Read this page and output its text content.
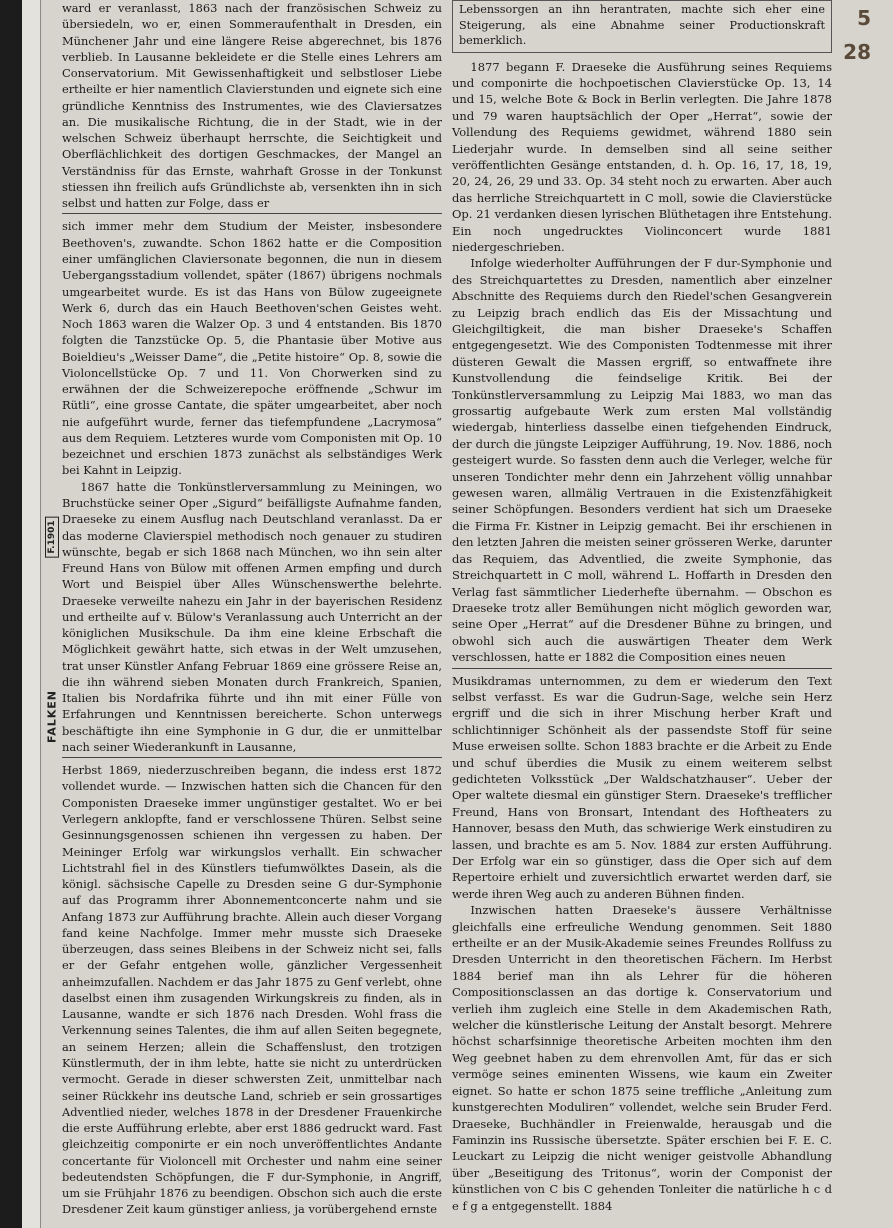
F.1901
FALKEN
5
28

ward er veranlasst, 1863 nach der französischen Schweiz zu übersiedeln, wo er, einen Sommeraufenthalt in Dresden, ein Münchener Jahr und eine längere Reise abgerechnet, bis 1876 verblieb. In Lausanne bekleidete er die Stelle eines Lehrers am Conservatorium. Mit Gewissenhaftigkeit und selbstloser Liebe ertheilte er hier namentlich Clavierstunden und eignete sich eine gründliche Kenntniss des Instrumentes, wie des Claviersatzes an. Die musikalische Richtung, die in der Stadt, wie in der welschen Schweiz überhaupt herrschte, die Seichtigkeit und Oberflächlichkeit des dortigen Geschmackes, der Mangel an Verständniss für das Ernste, wahrhaft Grosse in der Tonkunst stiessen ihn freilich aufs Gründlichste ab, versenkten ihn in sich selbst und hatten zur Folge, dass er

sich immer mehr dem Studium der Meister, insbesondere Beethoven's, zuwandte. Schon 1862 hatte er die Composition einer umfänglichen Claviersonate begonnen, die nun in diesem Uebergangsstadium vollendet, später (1867) übrigens nochmals umgearbeitet wurde. Es ist das Hans von Bülow zugeeignete Werk 6, durch das ein Hauch Beethoven'schen Geistes weht. Noch 1863 waren die Walzer Op. 3 und 4 entstanden. Bis 1870 folgten die Tanzstücke Op. 5, die Phantasie über Motive aus Boieldieu's „Weisser Dame“, die „Petite histoire“ Op. 8, sowie die Violoncellstücke Op. 7 und 11. Von Chorwerken sind zu erwähnen der die Schweizerepoche eröffnende „Schwur im Rütli“, eine grosse Cantate, die später umgearbeitet, aber noch nie aufgeführt wurde, ferner das tiefempfundene „Lacrymosa“ aus dem Requiem. Letzteres wurde vom Componisten mit Op. 10 bezeichnet und erschien 1873 zunächst als selbständiges Werk bei Kahnt in Leipzig.

1867 hatte die Tonkünstlerversammlung zu Meiningen, wo Bruchstücke seiner Oper „Sigurd“ beifälligste Aufnahme fanden, Draeseke zu einem Ausflug nach Deutschland veranlasst. Da er das moderne Clavierspiel methodisch noch genauer zu studiren wünschte, begab er sich 1868 nach München, wo ihn sein alter Freund Hans von Bülow mit offenen Armen empfing und durch Wort und Beispiel über Alles Wünschenswerthe belehrte. Draeseke verweilte nahezu ein Jahr in der bayerischen Residenz und ertheilte auf v. Bülow's Veranlassung auch Unterricht an der königlichen Musikschule. Da ihm eine kleine Erbschaft die Möglichkeit gewährt hatte, sich etwas in der Welt umzusehen, trat unser Künstler Anfang Februar 1869 eine grössere Reise an, die ihn während sieben Monaten durch Frankreich, Spanien, Italien bis Nordafrika führte und ihn mit einer Fülle von Erfahrungen und Kenntnissen bereicherte. Schon unterwegs beschäftigte ihn eine Symphonie in G dur, die er unmittelbar nach seiner Wiederankunft in Lausanne,

Herbst 1869, niederzuschreiben begann, die indess erst 1872 vollendet wurde. — Inzwischen hatten sich die Chancen für den Componisten Draeseke immer ungünstiger gestaltet. Wo er bei Verlegern anklopfte, fand er verschlossene Thüren. Selbst seine Gesinnungsgenossen schienen ihn vergessen zu haben. Der Meininger Erfolg war wirkungslos verhallt. Ein schwacher Lichtstrahl fiel in des Künstlers tiefumwölktes Dasein, als die königl. sächsische Capelle zu Dresden seine G dur-Symphonie auf das Programm ihrer Abonnementconcerte nahm und sie Anfang 1873 zur Aufführung brachte. Allein auch dieser Vorgang fand keine Nachfolge. Immer mehr musste sich Draeseke überzeugen, dass seines Bleibens in der Schweiz nicht sei, falls er der Gefahr entgehen wolle, gänzlicher Vergessenheit anheimzufallen. Nachdem er das Jahr 1875 zu Genf verlebt, ohne daselbst einen ihm zusagenden Wirkungskreis zu finden, als in Lausanne, wandte er sich 1876 nach Dresden. Wohl frass die Verkennung seines Talentes, die ihm auf allen Seiten begegnete, an seinem Herzen; allein die Schaffenslust, den trotzigen Künstlermuth, der in ihm lebte, hatte sie nicht zu unterdrücken vermocht. Gerade in dieser schwersten Zeit, unmittelbar nach seiner Rückkehr ins deutsche Land, schrieb er sein grossartiges Adventlied nieder, welches 1878 in der Dresdener Frauenkirche die erste Aufführung erlebte, aber erst 1886 gedruckt ward. Fast gleichzeitig componirte er ein noch unveröffentlichtes Andante concertante für Violoncell mit Orchester und nahm eine seiner bedeutendsten Schöpfungen, die F dur-Symphonie, in Angriff, um sie Frühjahr 1876 zu beendigen. Obschon sich auch die erste Dresdener Zeit kaum günstiger anliess, ja vorübergehend ernste

Lebenssorgen an ihn herantraten, machte sich eher eine Steigerung, als eine Abnahme seiner Productionskraft bemerklich.

1877 begann F. Draeseke die Ausführung seines Requiems und componirte die hochpoetischen Clavierstücke Op. 13, 14 und 15, welche Bote & Bock in Berlin verlegten. Die Jahre 1878 und 79 waren hauptsächlich der Oper „Herrat“, sowie der Vollendung des Requiems gewidmet, während 1880 sein Liederjahr wurde. In demselben sind all seine seither veröffentlichten Gesänge entstanden, d. h. Op. 16, 17, 18, 19, 20, 24, 26, 29 und 33. Op. 34 steht noch zu erwarten. Aber auch das herrliche Streichquartett in C moll, sowie die Clavierstücke Op. 21 verdanken diesen lyrischen Blüthetagen ihre Entstehung. Ein noch ungedrucktes Violinconcert wurde 1881 niedergeschrieben.

Infolge wiederholter Aufführungen der F dur-Symphonie und des Streichquartettes zu Dresden, namentlich aber einzelner Abschnitte des Requiems durch den Riedel'schen Gesangverein zu Leipzig brach endlich das Eis der Missachtung und Gleichgiltigkeit, die man bisher Draeseke's Schaffen entgegengesetzt. Wie des Componisten Todtenmesse mit ihrer düsteren Gewalt die Massen ergriff, so entwaffnete ihre Kunstvollendung die feindselige Kritik. Bei der Tonkünstlerversammlung zu Leipzig Mai 1883, wo man das grossartig aufgebaute Werk zum ersten Mal vollständig wiedergab, hinterliess dasselbe einen tiefgehenden Eindruck, der durch die jüngste Leipziger Aufführung, 19. Nov. 1886, noch gesteigert wurde. So fassten denn auch die Verleger, welche für unseren Tondichter mehr denn ein Jahrzehent völlig unnahbar gewesen waren, allmälig Vertrauen in die Existenzfähigkeit seiner Schöpfungen. Besonders verdient hat sich um Draeseke die Firma Fr. Kistner in Leipzig gemacht. Bei ihr erschienen in den letzten Jahren die meisten seiner grösseren Werke, darunter das Requiem, das Adventlied, die zweite Symphonie, das Streichquartett in C moll, während L. Hoffarth in Dresden den Verlag fast sämmtlicher Liederhefte übernahm. — Obschon es Draeseke trotz aller Bemühungen nicht möglich geworden war, seine Oper „Herrat“ auf die Dresdener Bühne zu bringen, und obwohl sich auch die auswärtigen Theater dem Werk verschlossen, hatte er 1882 die Composition eines neuen

Musikdramas unternommen, zu dem er wiederum den Text selbst verfasst. Es war die Gudrun-Sage, welche sein Herz ergriff und die sich in ihrer Mischung herber Kraft und schlichtinniger Schönheit als der passendste Stoff für seine Muse erweisen sollte. Schon 1883 brachte er die Arbeit zu Ende und schuf überdies die Musik zu einem weiterem selbst gedichteten Volksstück „Der Waldschatzhauser“. Ueber der Oper waltete diesmal ein günstiger Stern. Draeseke's trefflicher Freund, Hans von Bronsart, Intendant des Hoftheaters zu Hannover, besass den Muth, das schwierige Werk einstudiren zu lassen, und brachte es am 5. Nov. 1884 zur ersten Aufführung. Der Erfolg war ein so günstiger, dass die Oper sich auf dem Repertoire erhielt und zuversichtlich erwartet werden darf, sie werde ihren Weg auch zu anderen Bühnen finden.

Inzwischen hatten Draeseke's äussere Verhältnisse gleichfalls eine erfreuliche Wendung genommen. Seit 1880 ertheilte er an der Musik-Akademie seines Freundes Rollfuss zu Dresden Unterricht in den theoretischen Fächern. Im Herbst 1884 berief man ihn als Lehrer für die höheren Compositionsclassen an das dortige k. Conservatorium und verlieh ihm zugleich eine Stelle in dem Akademischen Rath, welcher die künstlerische Leitung der Anstalt besorgt. Mehrere höchst scharfsinnige theoretische Arbeiten mochten ihm den Weg geebnet haben zu dem ehrenvollen Amt, für das er sich vermöge seines eminenten Wissens, wie kaum ein Zweiter eignet. So hatte er schon 1875 seine treffliche „Anleitung zum kunstgerechten Moduliren“ vollendet, welche sein Bruder Ferd. Draeseke, Buchhändler in Freienwalde, herausgab und die Faminzin ins Russische übersetzte. Später erschien bei F. E. C. Leuckart zu Leipzig die nicht weniger geistvolle Abhandlung über „Beseitigung des Tritonus“, worin der Componist der künstlichen von C bis C gehenden Tonleiter die natürliche h c d e f g a entgegenstellt. 1884
